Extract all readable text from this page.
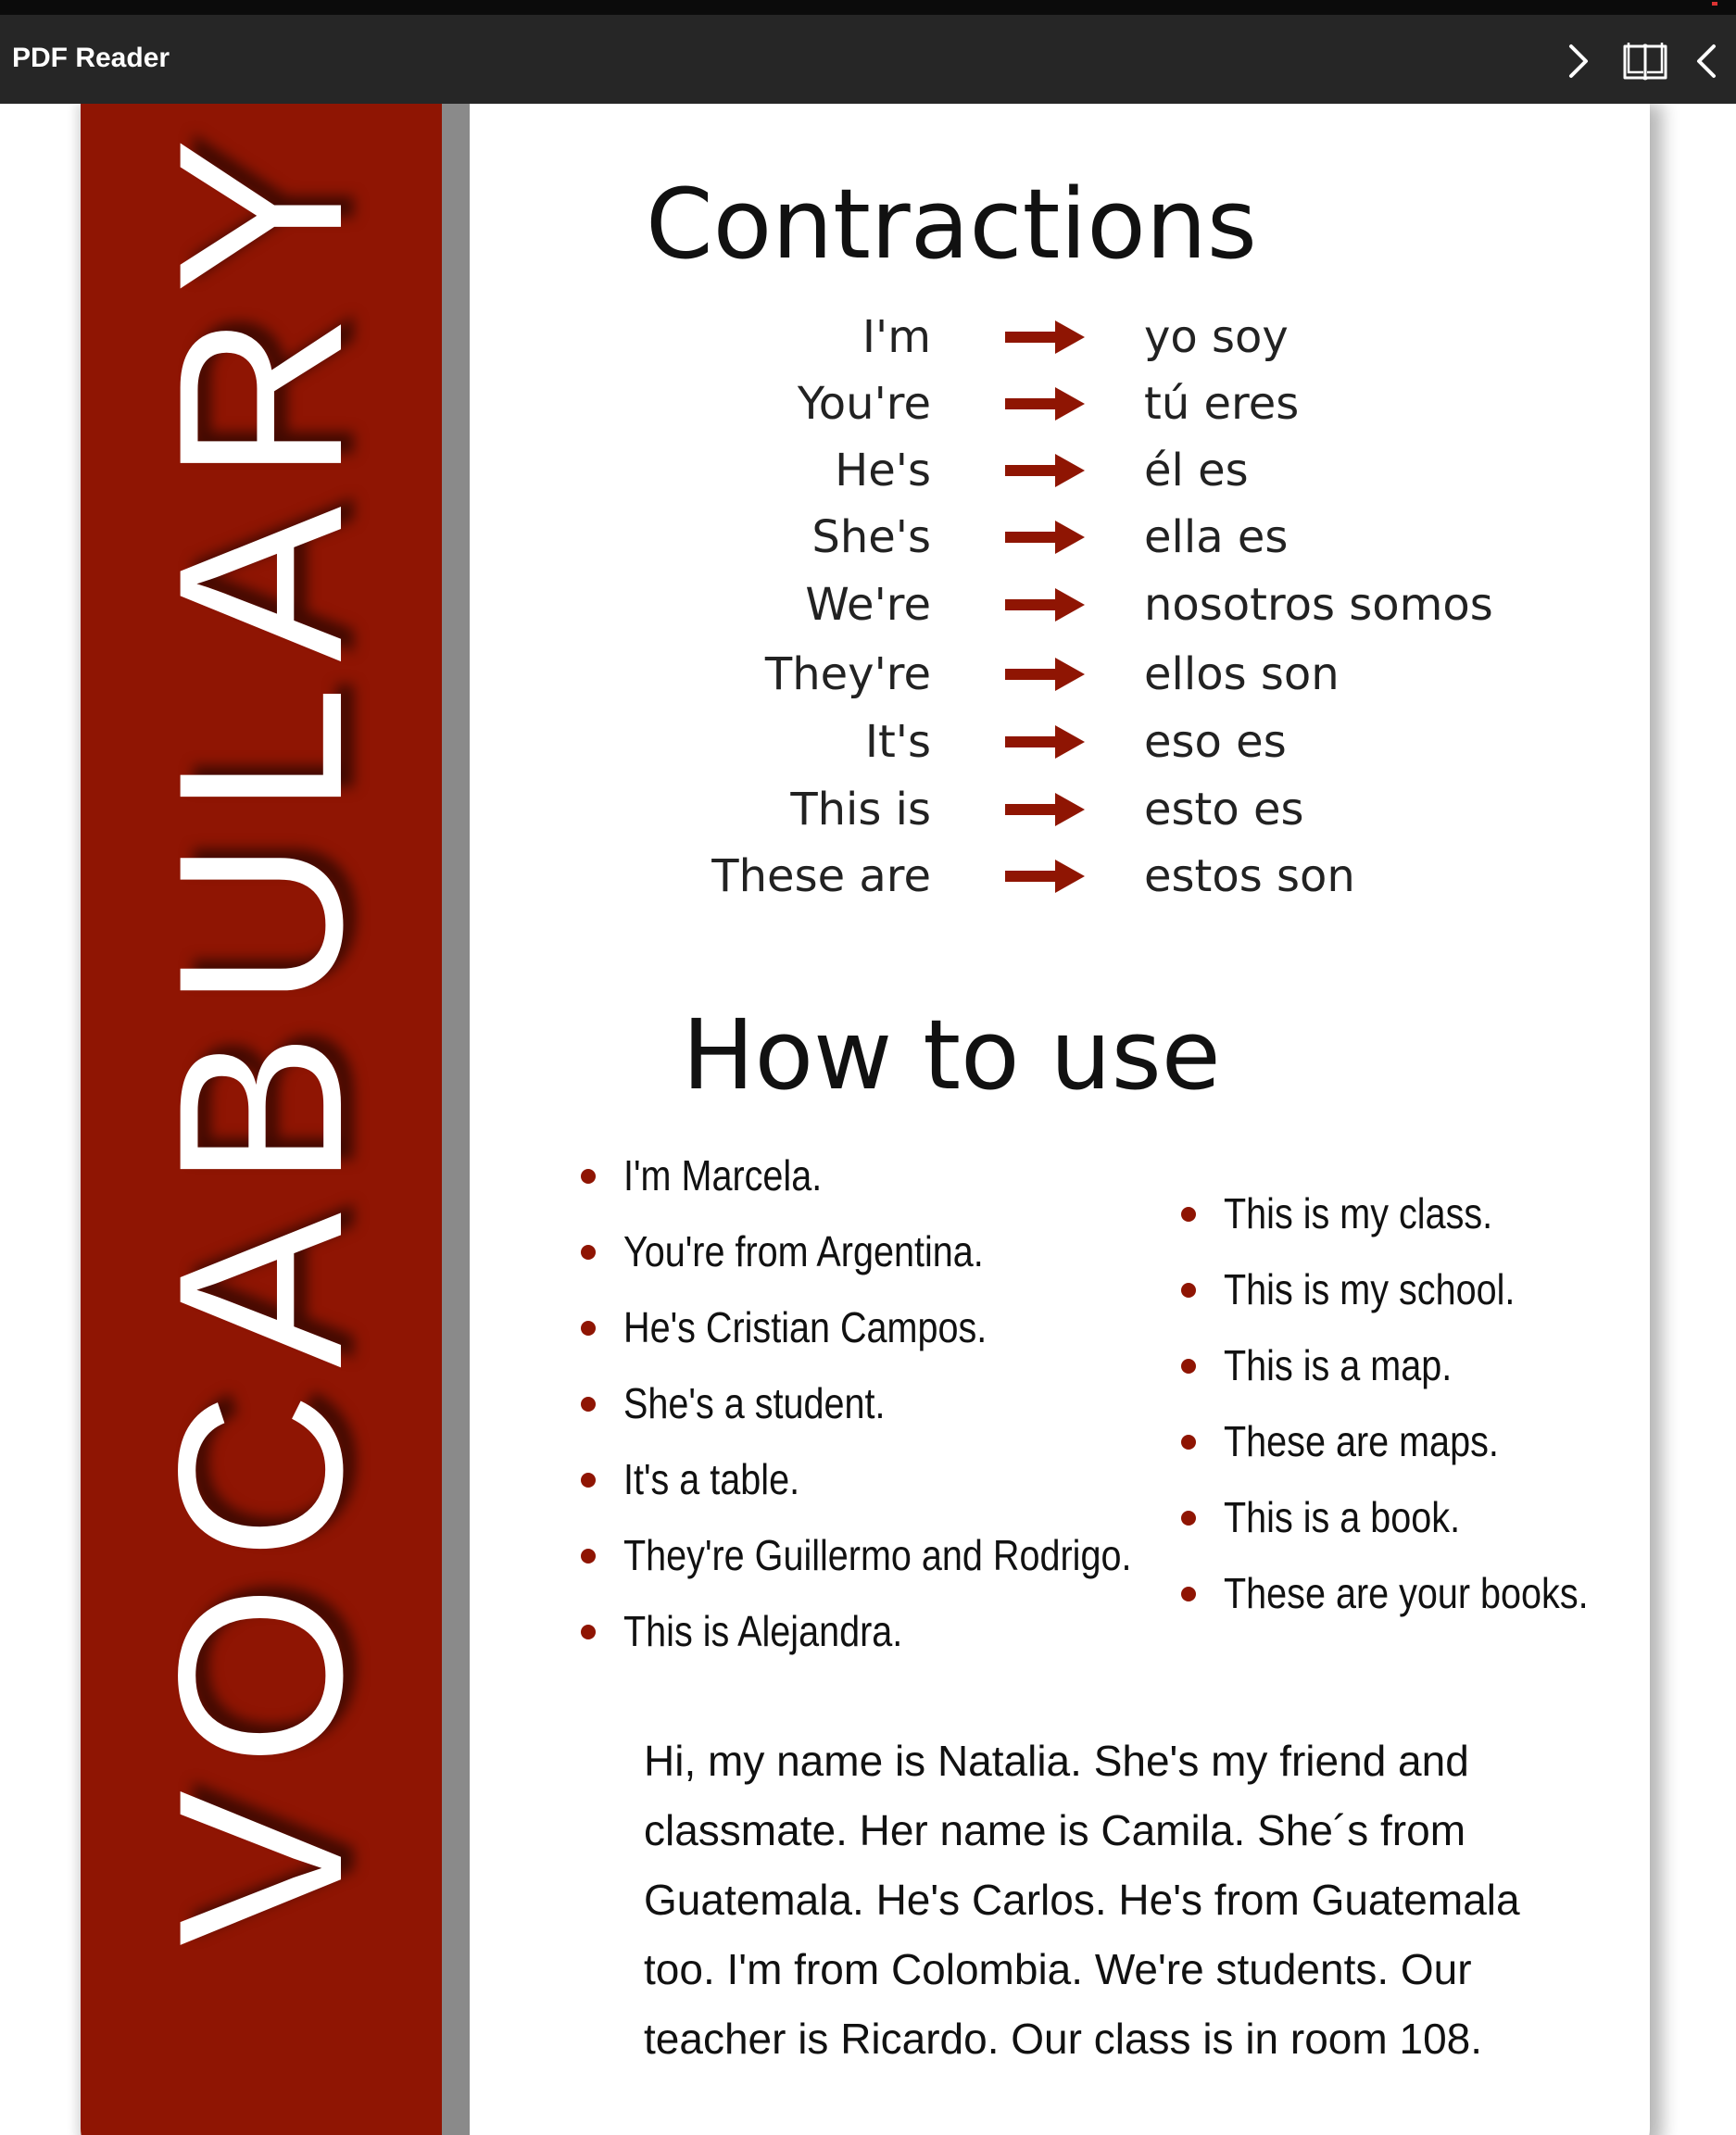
PDF Reader
VOCABULARY	Contractions
I'm	yo soy
You're	tú eres
He's	él es
She's	ella es
We're	nosotros somos
They're	ellos son
It's	eso es
This is	esto es
These are	estos son
How to use
I'm Marcela.
You're from Argentina.
He's Cristian Campos.
She's a student.
It's a table.
They're Guillermo and Rodrigo.
This is Alejandra.
This is my class.
This is my school.
This is a map.
These are maps.
This is a book.
These are your books.
Hi, my name is Natalia. She's my friend and
classmate. Her name is Camila. She´s from
Guatemala. He's Carlos. He's from Guatemala
too. I'm from Colombia. We're students. Our
teacher is Ricardo. Our class is in room 108.
